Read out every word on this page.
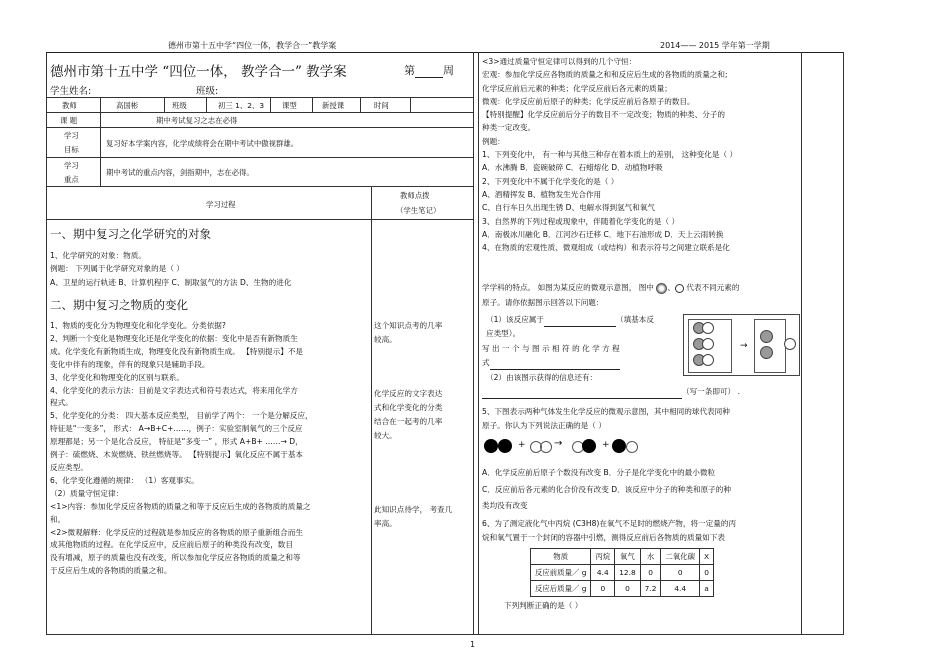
德州市第十五中学“四位一体，教学合一”教学案	2014—— 2015 学年第一学期
德州市第十五中学 “四位一体， 教学合一” 教学案	第	周
学生姓名:	班级:
教师	高国彬	班级	初三 1、2、3 课型	新授课	时间
课 题	期中考试复习之志在必得
学习
目标
复习好本学案内容，化学成绩将会在期中考试中傲视群雄。
学习
重点
期中考试的重点内容，剑指期中，志在必得。
学习过程
教师点拨
（学生笔记）
一、期中复习之化学研究的对象
1、化学研究的对象：物质。
例题： 下列属于化学研究对象的是（ ）
A、卫星的运行轨迹 B、计算机程序 C、制取氢气的方法 D、生物的进化
二、期中复习之物质的变化
1、物质的变化分为物理变化和化学变化。分类依据?
2、判断一个变化是物理变化还是化学变化的依据：变化中是否有新物质生
成。化学变化有新物质生成，物理变化没有新物质生成。 【特别提示】不是
变化中伴有的现象，伴有的现象只是辅助手段。
3、化学变化和物理变化的区别与联系。
4、化学变化的表示方法：目前是文字表达式和符号表达式，将来用化学方
程式。
5、化学变化的分类： 四大基本反应类型， 目前学了两个： 一个是分解反应，
特征是“一变多”， 形式： A→B+C+……，例子：实验室制氧气的三个反应
原理都是；另一个是化合反应， 特征是“多变一” ，形式 A+B+ ……→ D，
例子：硫燃烧、木炭燃烧、铁丝燃烧等。 【特别提示】氧化反应不属于基本
反应类型。
6、化学变化遵循的规律： （1）客观事实。
（2）质量守恒定律：
<1>内容：参加化学反应各物质的质量之和等于反应后生成的各物质的质量之
和。
<2>微观解释：化学反应的过程就是参加反应的各物质的原子重新组合而生
成其他物质的过程。在化学反应中，反应前后原子的种类没有改变，数目
没有增减，原子的质量也没有改变，所以参加化学反应各物质的质量之和等
于反应后生成的各物质的质量之和。
这个知识点考的几率
较高。
化学反应的文字表达
式和化学变化的分类
结合在一起考的几率
较大。
此知识点待学， 考查几
率高。
<3>通过质量守恒定律可以得到的几个守恒：
宏观：参加化学反应各物质的质量之和和反应后生成的各物质的质量之和;
化学反应前后元素的种类；化学反应前后各元素的质量；
微观：化学反应前后原子的种类；化学反应前后各原子的数目。
【特别提醒】化学反应前后分子的数目不一定改变；物质的种类、分子的
种类一定改变。
例题：
1、下列变化中， 有一种与其他三种存在着本质上的差别， 这种变化是（ ）
A．水沸腾 B．瓷碗破碎 C．石蜡熔化 D．动植物呼吸
2、下列变化中不属于化学变化的是（ ）
A、酒精挥发 B、植物发生光合作用
C、自行车日久出现生锈 D、电解水得到氢气和氧气
3、自然界的下列过程或现象中，伴随着化学变化的是（ ）
A．南极冰川融化 B．江河沙石迁移 C．地下石油形成 D．天上云雨转换
4、在物质的宏观性质、微观组成（或结构）和表示符号之间建立联系是化
学学科的特点。 如图为某反应的微观示意图， 图中 、 代表不同元素的
原子。请你依据图示回答以下问题：
（1）该反应属于	（填基本反
应类型）。
写 出 一 个 与 图 示 相 符 的 化 学 方 程
式
（2）由该图示获得的信息还有：
（写一条即可） .
→
5、下图表示两种气体发生化学反应的微观示意图，其中相同的球代表同种
原子。你认为下列说法正确的是（ ）
+	→	+
A．化学反应前后原子个数没有改变 B．分子是化学变化中的最小微粒
C．反应前后各元素的化合价没有改变 D．该反应中分子的种类和原子的种
类均没有改变
6、为了测定液化气中丙烷 (C3H8)在氧气不足时的燃烧产物，将一定量的丙
烷和氧气置于一个封闭的容器中引燃，测得反应前后各物质的质量如下表
物质	丙烷	氧气	水	二氧化碳	X
反应前质量／ g	4.4	12.8	0	0	0
反应后质量／ g	0	0	7.2	4.4	a
下列判断正确的是（ ）
1
